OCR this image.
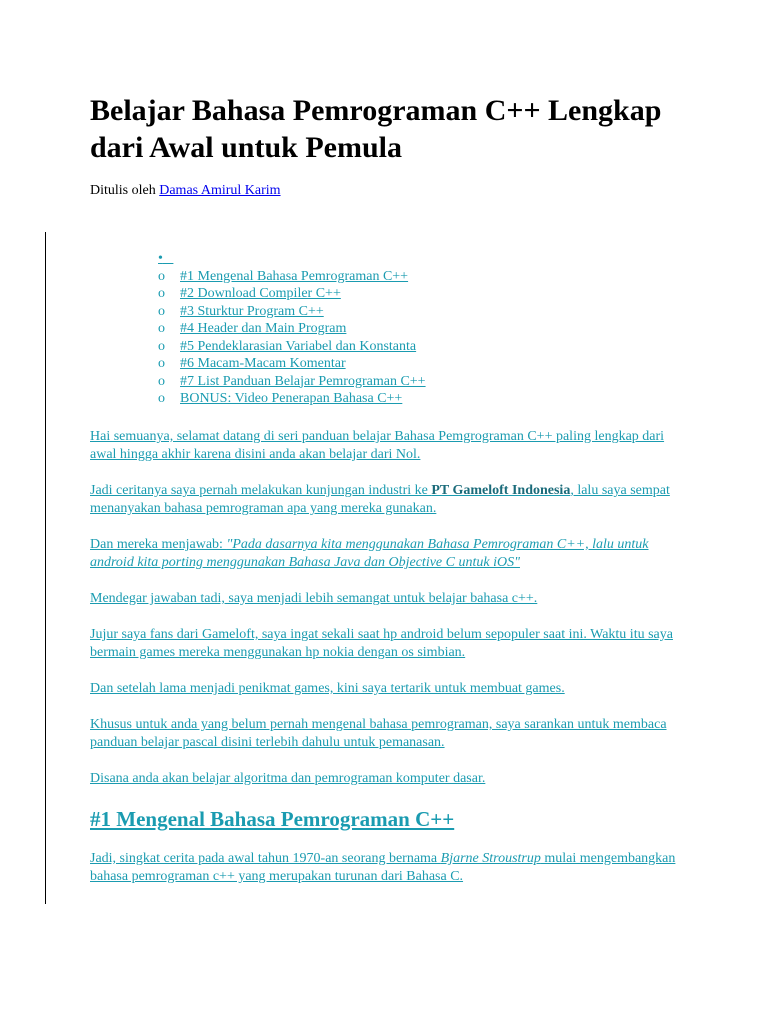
Belajar Bahasa Pemrograman C++ Lengkap dari Awal untuk Pemula

Ditulis oleh Damas Amirul Karim

•
o #1 Mengenal Bahasa Pemrograman C++
o #2 Download Compiler C++
o #3 Sturktur Program C++
o #4 Header dan Main Program
o #5 Pendeklarasian Variabel dan Konstanta
o #6 Macam-Macam Komentar
o #7 List Panduan Belajar Pemrograman C++
o BONUS: Video Penerapan Bahasa C++

Hai semuanya, selamat datang di seri panduan belajar Bahasa Pemgrograman C++ paling lengkap dari awal hingga akhir karena disini anda akan belajar dari Nol.

Jadi ceritanya saya pernah melakukan kunjungan industri ke PT Gameloft Indonesia, lalu saya sempat menanyakan bahasa pemrograman apa yang mereka gunakan.

Dan mereka menjawab: "Pada dasarnya kita menggunakan Bahasa Pemrograman C++, lalu untuk android kita porting menggunakan Bahasa Java dan Objective C untuk iOS"

Mendegar jawaban tadi, saya menjadi lebih semangat untuk belajar bahasa c++.

Jujur saya fans dari Gameloft, saya ingat sekali saat hp android belum sepopuler saat ini. Waktu itu saya bermain games mereka menggunakan hp nokia dengan os simbian.

Dan setelah lama menjadi penikmat games, kini saya tertarik untuk membuat games.

Khusus untuk anda yang belum pernah mengenal bahasa pemrograman, saya sarankan untuk membaca panduan belajar pascal disini terlebih dahulu untuk pemanasan.

Disana anda akan belajar algoritma dan pemrograman komputer dasar.

#1 Mengenal Bahasa Pemrograman C++

Jadi, singkat cerita pada awal tahun 1970-an seorang bernama Bjarne Stroustrup mulai mengembangkan bahasa pemrograman c++ yang merupakan turunan dari Bahasa C.
